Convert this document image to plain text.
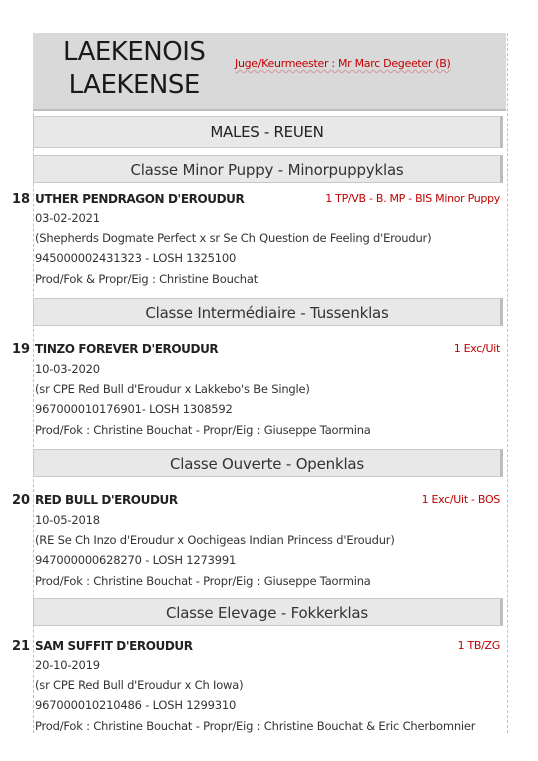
LAEKENOIS
LAEKENSE
Juge/Keurmeester : Mr Marc Degeeter (B)
MALES - REUEN
Classe Minor Puppy - Minorpuppyklas
18 UTHER PENDRAGON D'EROUDUR	1 TP/VB - B. MP - BIS Minor Puppy
03-02-2021
(Shepherds Dogmate Perfect x sr Se Ch Question de Feeling d'Eroudur)
945000002431323 - LOSH 1325100
Prod/Fok & Propr/Eig : Christine Bouchat
Classe Intermédiaire - Tussenklas
19 TINZO FOREVER D'EROUDUR	1 Exc/Uit
10-03-2020
(sr CPE Red Bull d'Eroudur x Lakkebo's Be Single)
967000010176901- LOSH 1308592
Prod/Fok : Christine Bouchat - Propr/Eig : Giuseppe Taormina
Classe Ouverte - Openklas
20 RED BULL D'EROUDUR	1 Exc/Uit - BOS
10-05-2018
(RE Se Ch Inzo d'Eroudur x Oochigeas Indian Princess d'Eroudur)
947000000628270 - LOSH 1273991
Prod/Fok : Christine Bouchat - Propr/Eig : Giuseppe Taormina
Classe Elevage - Fokkerklas
21 SAM SUFFIT D'EROUDUR	1 TB/ZG
20-10-2019
(sr CPE Red Bull d'Eroudur x Ch Iowa)
967000010210486 - LOSH 1299310
Prod/Fok : Christine Bouchat - Propr/Eig : Christine Bouchat & Eric Cherbomnier
